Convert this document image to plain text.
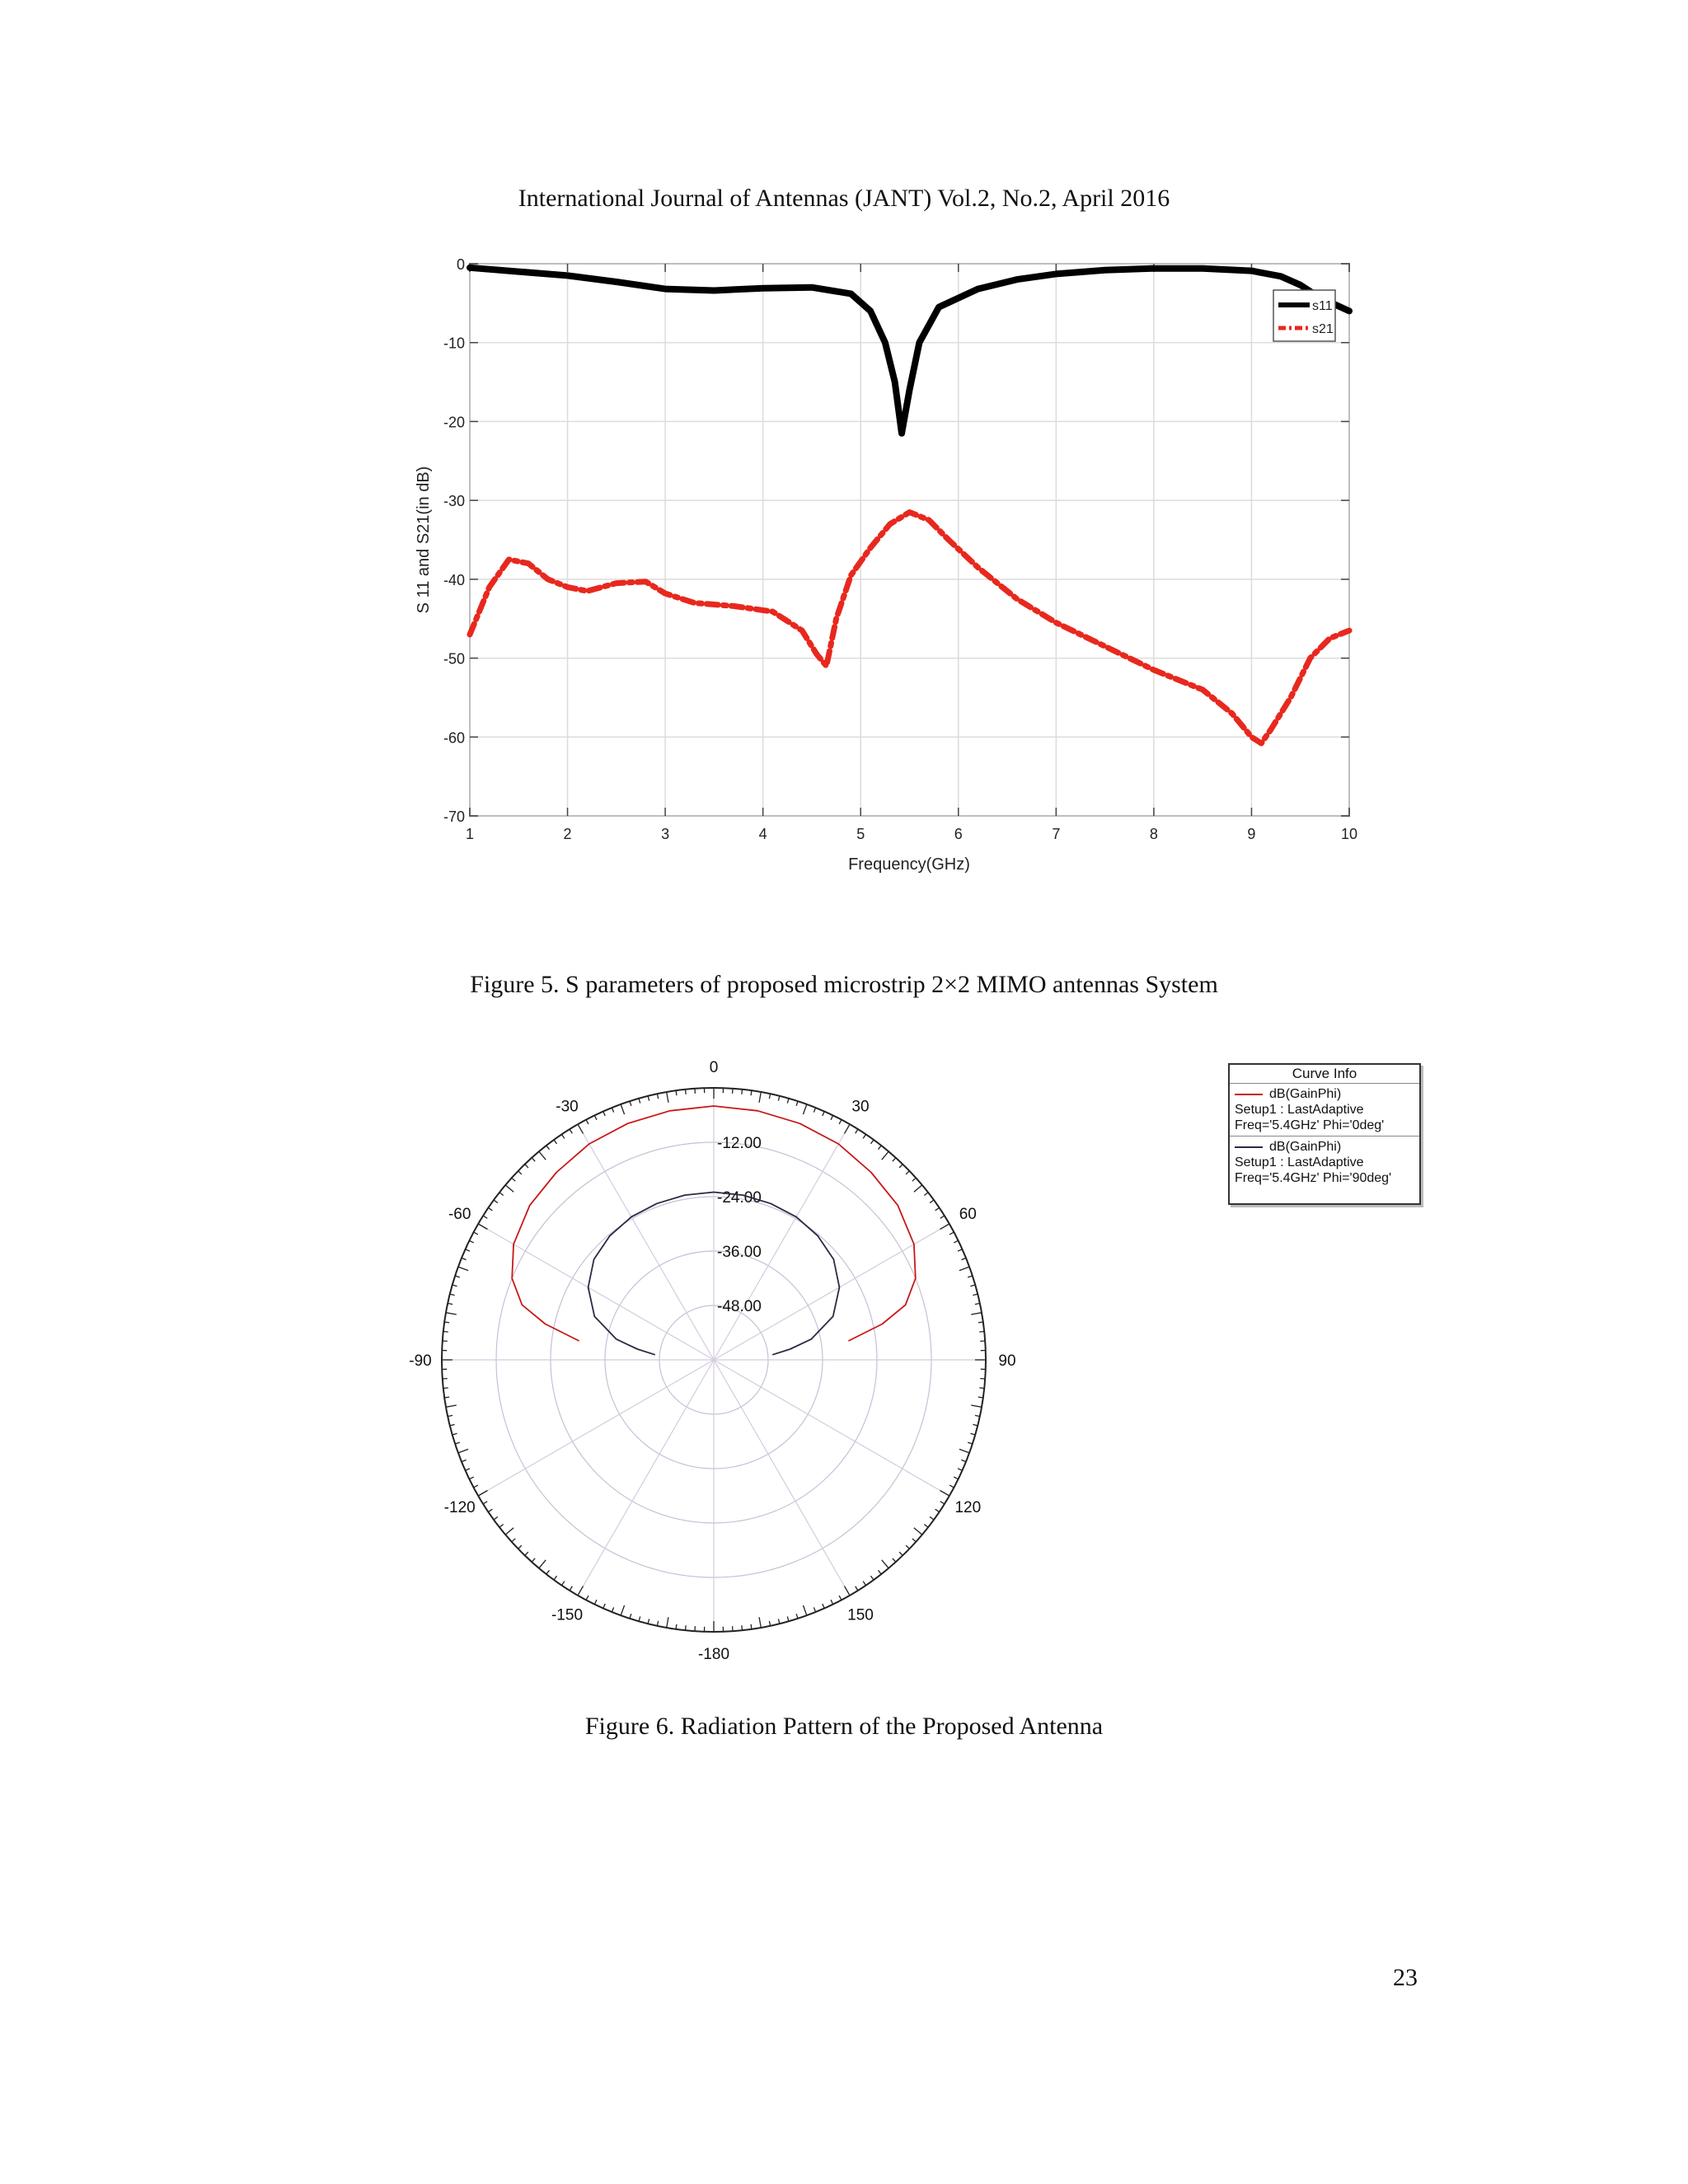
International Journal of Antennas (JANT) Vol.2, No.2, April 2016
0
-10
-20
-30
-40
-50
-60
-70
1	2	3	4	5	6	7	8	9	10
Frequency(GHz)
S 11 and S21(in dB)
s11
s21
Figure 5. S parameters of proposed microstrip 2×2 MIMO antennas System
0
30
60
90
120
150
-180
-150
-120
-90
-60
-30
-12.00
-24.00
-36.00
-48.00
Curve Info
dB(GainPhi)
Setup1 : LastAdaptive
Freq='5.4GHz' Phi='0deg'
dB(GainPhi)
Setup1 : LastAdaptive
Freq='5.4GHz' Phi='90deg'
Figure 6. Radiation Pattern of the Proposed Antenna
23
